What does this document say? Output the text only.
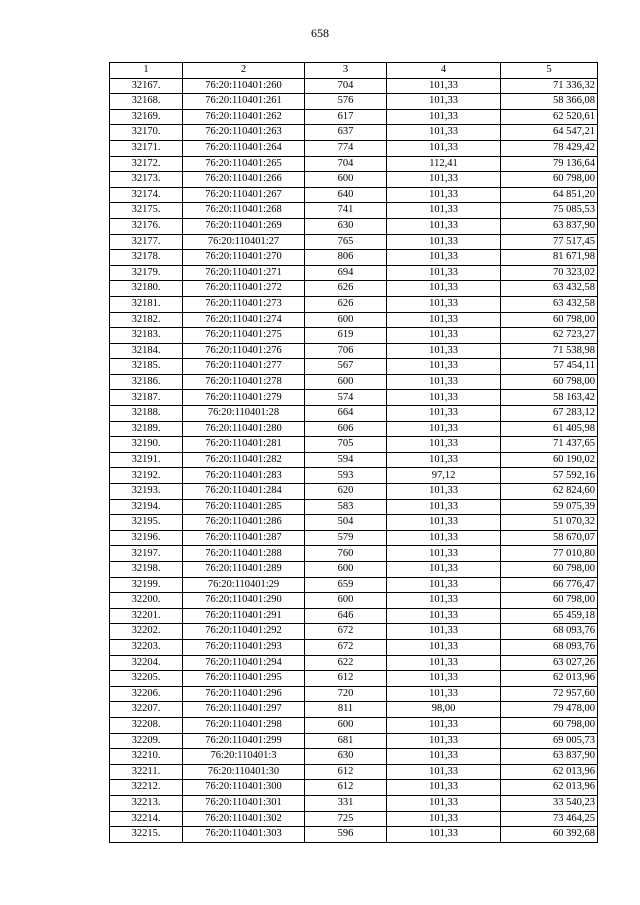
658
1	2	3	4	5
32167.	76:20:110401:260	704	101,33	71 336,32
32168.	76:20:110401:261	576	101,33	58 366,08
32169.	76:20:110401:262	617	101,33	62 520,61
32170.	76:20:110401:263	637	101,33	64 547,21
32171.	76:20:110401:264	774	101,33	78 429,42
32172.	76:20:110401:265	704	112,41	79 136,64
32173.	76:20:110401:266	600	101,33	60 798,00
32174.	76:20:110401:267	640	101,33	64 851,20
32175.	76:20:110401:268	741	101,33	75 085,53
32176.	76:20:110401:269	630	101,33	63 837,90
32177.	76:20:110401:27	765	101,33	77 517,45
32178.	76:20:110401:270	806	101,33	81 671,98
32179.	76:20:110401:271	694	101,33	70 323,02
32180.	76:20:110401:272	626	101,33	63 432,58
32181.	76:20:110401:273	626	101,33	63 432,58
32182.	76:20:110401:274	600	101,33	60 798,00
32183.	76:20:110401:275	619	101,33	62 723,27
32184.	76:20:110401:276	706	101,33	71 538,98
32185.	76:20:110401:277	567	101,33	57 454,11
32186.	76:20:110401:278	600	101,33	60 798,00
32187.	76:20:110401:279	574	101,33	58 163,42
32188.	76:20:110401:28	664	101,33	67 283,12
32189.	76:20:110401:280	606	101,33	61 405,98
32190.	76:20:110401:281	705	101,33	71 437,65
32191.	76:20:110401:282	594	101,33	60 190,02
32192.	76:20:110401:283	593	97,12	57 592,16
32193.	76:20:110401:284	620	101,33	62 824,60
32194.	76:20:110401:285	583	101,33	59 075,39
32195.	76:20:110401:286	504	101,33	51 070,32
32196.	76:20:110401:287	579	101,33	58 670,07
32197.	76:20:110401:288	760	101,33	77 010,80
32198.	76:20:110401:289	600	101,33	60 798,00
32199.	76:20:110401:29	659	101,33	66 776,47
32200.	76:20:110401:290	600	101,33	60 798,00
32201.	76:20:110401:291	646	101,33	65 459,18
32202.	76:20:110401:292	672	101,33	68 093,76
32203.	76:20:110401:293	672	101,33	68 093,76
32204.	76:20:110401:294	622	101,33	63 027,26
32205.	76:20:110401:295	612	101,33	62 013,96
32206.	76:20:110401:296	720	101,33	72 957,60
32207.	76:20:110401:297	811	98,00	79 478,00
32208.	76:20:110401:298	600	101,33	60 798,00
32209.	76:20:110401:299	681	101,33	69 005,73
32210.	76:20:110401:3	630	101,33	63 837,90
32211.	76:20:110401:30	612	101,33	62 013,96
32212.	76:20:110401:300	612	101,33	62 013,96
32213.	76:20:110401:301	331	101,33	33 540,23
32214.	76:20:110401:302	725	101,33	73 464,25
32215.	76:20:110401:303	596	101,33	60 392,68
